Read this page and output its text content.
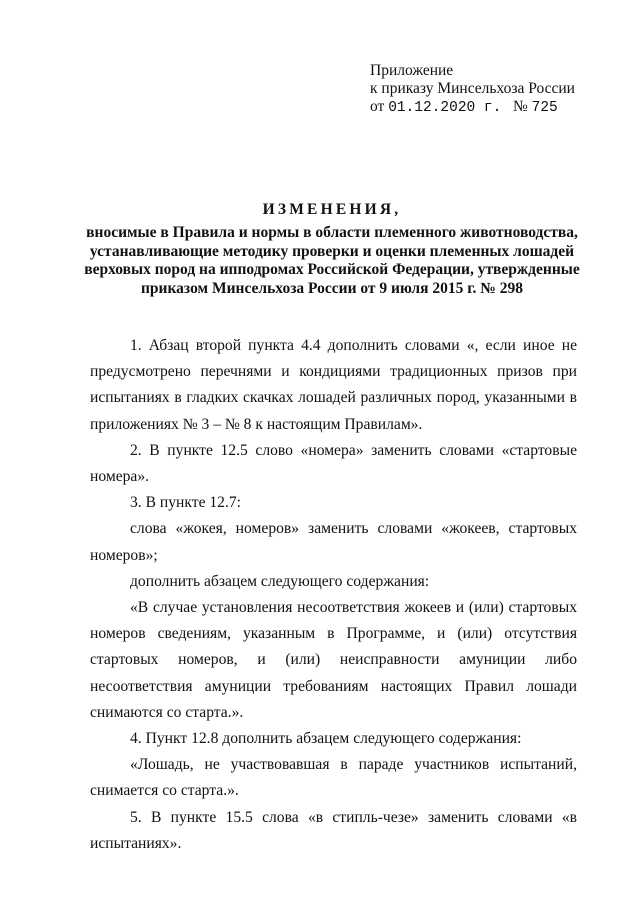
Приложение
к приказу Минсельхоза России
от 01.12.2020 г. № 725
ИЗМЕНЕНИЯ,
вносимые в Правила и нормы в области племенного животноводства, устанавливающие методику проверки и оценки племенных лошадей верховых пород на ипподромах Российской Федерации, утвержденные приказом Минсельхоза России от 9 июля 2015 г. № 298

1. Абзац второй пункта 4.4 дополнить словами «, если иное не предусмотрено перечнями и кондициями традиционных призов при испытаниях в гладких скачках лошадей различных пород, указанными в приложениях № 3 – № 8 к настоящим Правилам».

2. В пункте 12.5 слово «номера» заменить словами «стартовые номера».

3. В пункте 12.7:

слова «жокея, номеров» заменить словами «жокеев, стартовых номеров»;

дополнить абзацем следующего содержания:

«В случае установления несоответствия жокеев и (или) стартовых номеров сведениям, указанным в Программе, и (или) отсутствия стартовых номеров, и (или) неисправности амуниции либо несоответствия амуниции требованиям настоящих Правил лошади снимаются со старта.».

4. Пункт 12.8 дополнить абзацем следующего содержания:

«Лошадь, не участвовавшая в параде участников испытаний, снимается со старта.».

5. В пункте 15.5 слова «в стипль-чезе» заменить словами «в испытаниях».
